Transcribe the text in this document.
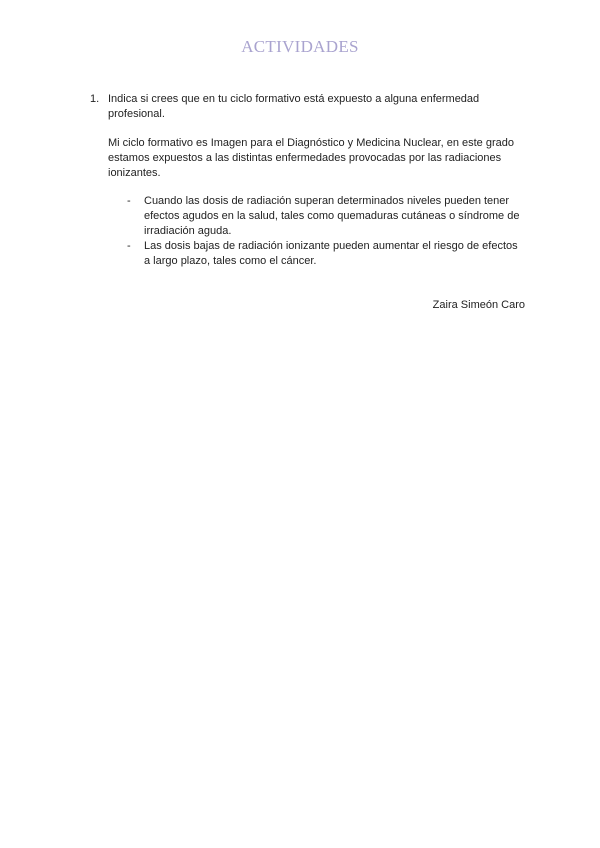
ACTIVIDADES
1. Indica si crees que en tu ciclo formativo está expuesto a alguna enfermedad profesional.
Mi ciclo formativo es Imagen para el Diagnóstico y Medicina Nuclear, en este grado estamos expuestos a las distintas enfermedades provocadas por las radiaciones ionizantes.
- Cuando las dosis de radiación superan determinados niveles pueden tener efectos agudos en la salud, tales como quemaduras cutáneas o síndrome de irradiación aguda.
- Las dosis bajas de radiación ionizante pueden aumentar el riesgo de efectos a largo plazo, tales como el cáncer.
Zaira Simeón Caro
